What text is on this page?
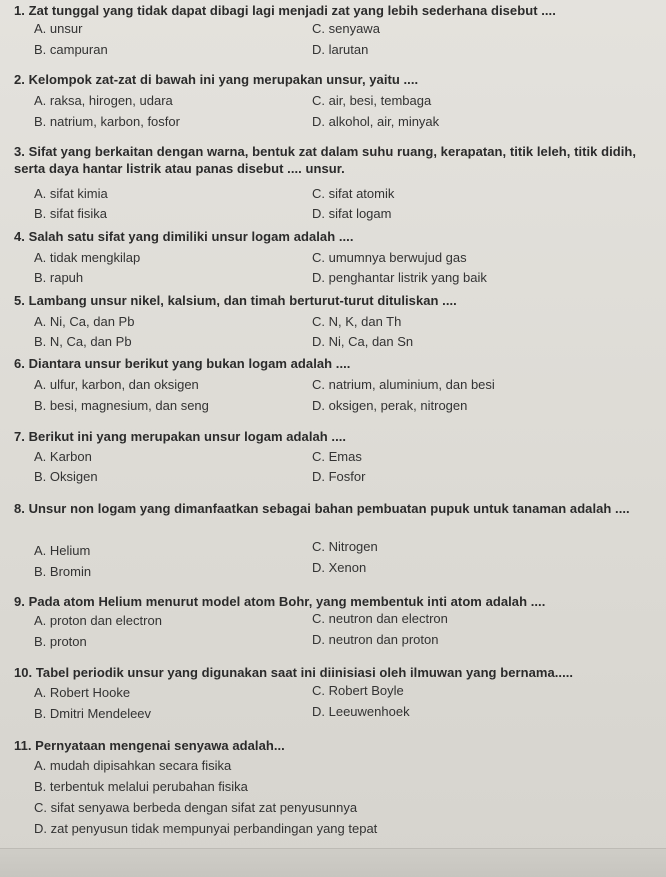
1. Zat tunggal yang tidak dapat dibagi lagi menjadi zat yang lebih sederhana disebut ....
A. unsur	C. senyawa
B. campuran	D. larutan
2. Kelompok zat-zat di bawah ini yang merupakan unsur, yaitu ....
A. raksa, hirogen, udara	C. air, besi, tembaga
B. natrium, karbon, fosfor	D. alkohol, air, minyak
3. Sifat yang berkaitan dengan warna, bentuk zat dalam suhu ruang, kerapatan, titik leleh, titik didih, serta daya hantar listrik atau panas disebut .... unsur.
A. sifat kimia	C. sifat atomik
B. sifat fisika	D. sifat logam
4. Salah satu sifat yang dimiliki unsur logam adalah ....
A. tidak mengkilap	C. umumnya berwujud gas
B. rapuh	D. penghantar listrik yang baik
5. Lambang unsur nikel, kalsium, dan timah berturut-turut dituliskan ....
A. Ni, Ca, dan Pb	C. N, K, dan Th
B. N, Ca, dan Pb	D. Ni, Ca, dan Sn
6. Diantara unsur berikut yang bukan logam adalah ....
A. ulfur, karbon, dan oksigen	C. natrium, aluminium, dan besi
B. besi, magnesium, dan seng	D. oksigen, perak, nitrogen
7. Berikut ini yang merupakan unsur logam adalah ....
A. Karbon	C. Emas
B. Oksigen	D. Fosfor
8. Unsur non logam yang dimanfaatkan sebagai bahan pembuatan pupuk untuk tanaman adalah ....
A. Helium	C. Nitrogen
B. Bromin	D. Xenon
9. Pada atom Helium menurut model atom Bohr, yang membentuk inti atom adalah ....
A. proton dan electron	C. neutron dan electron
B. proton	D. neutron dan proton
10. Tabel periodik unsur yang digunakan saat ini diinisiasi oleh ilmuwan yang bernama.....
A. Robert Hooke	C. Robert Boyle
B. Dmitri Mendeleev	D. Leeuwenhoek
11. Pernyataan mengenai senyawa adalah...
A. mudah dipisahkan secara fisika
B. terbentuk melalui perubahan fisika
C. sifat senyawa berbeda dengan sifat zat penyusunnya
D. zat penyusun tidak mempunyai perbandingan yang tepat
